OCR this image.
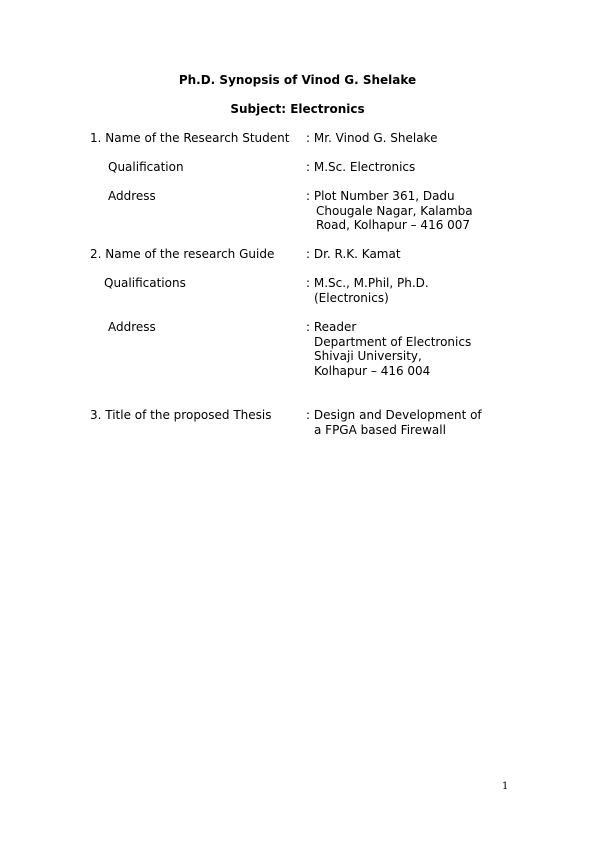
Ph.D. Synopsis of Vinod G. Shelake
Subject: Electronics
1. Name of the Research Student : Mr. Vinod G. Shelake
Qualification	: M.Sc. Electronics
Address	: Plot Number 361, Dadu
Chougale Nagar, Kalamba
Road, Kolhapur – 416 007
2. Name of the research Guide	: Dr. R.K. Kamat
Qualifications	: M.Sc., M.Phil, Ph.D.
(Electronics)
Address	: Reader
Department of Electronics
Shivaji University,
Kolhapur – 416 004
3. Title of the proposed Thesis	: Design and Development of
a FPGA based Firewall
1
